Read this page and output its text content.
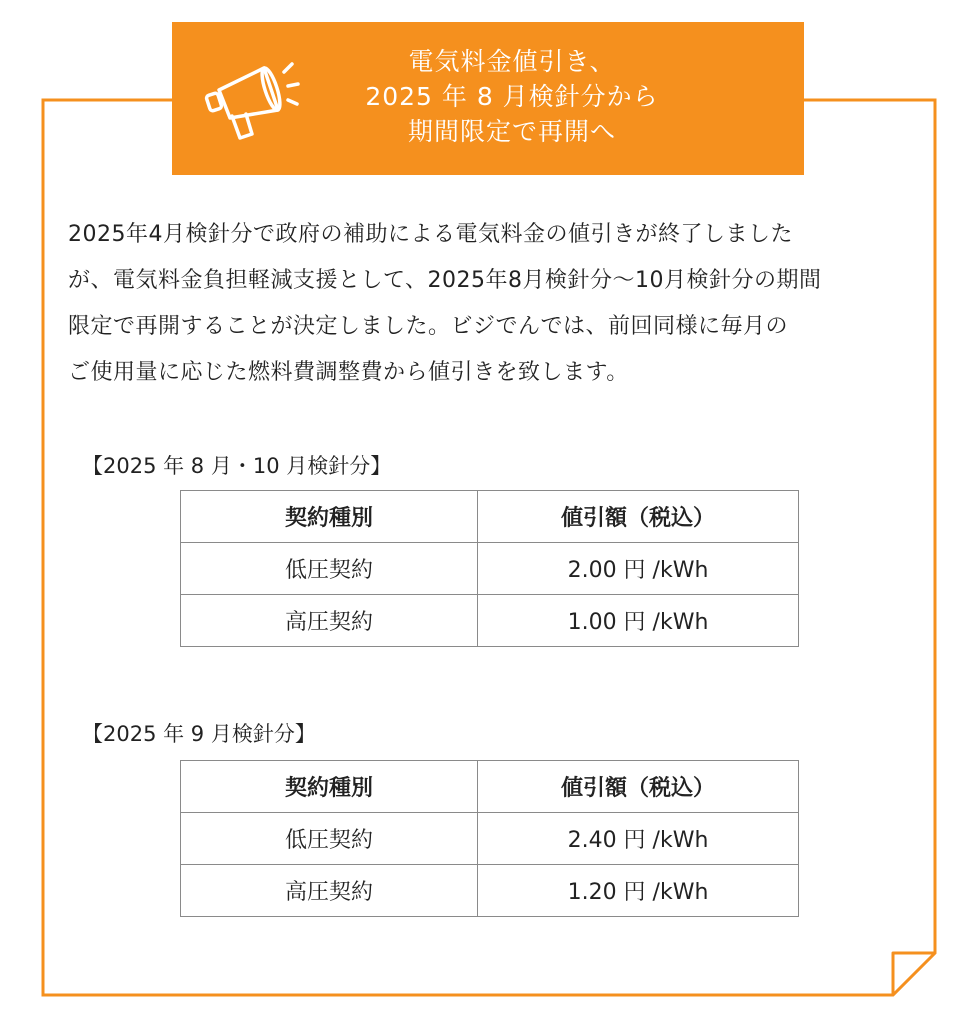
電気料金値引き、
2025 年 8 月検針分から
期間限定で再開へ
2025年4月検針分で政府の補助による電気料金の値引きが終了しました
が、電気料金負担軽減支援として、2025年8月検針分〜10月検針分の期間
限定で再開することが決定しました。ビジでんでは、前回同様に毎月の
ご使用量に応じた燃料費調整費から値引きを致します。
【2025 年 8 月・10 月検針分】
契約種別	値引額（税込）
低圧契約	2.00 円 /kWh
高圧契約	1.00 円 /kWh
【2025 年 9 月検針分】
契約種別	値引額（税込）
低圧契約	2.40 円 /kWh
高圧契約	1.20 円 /kWh
